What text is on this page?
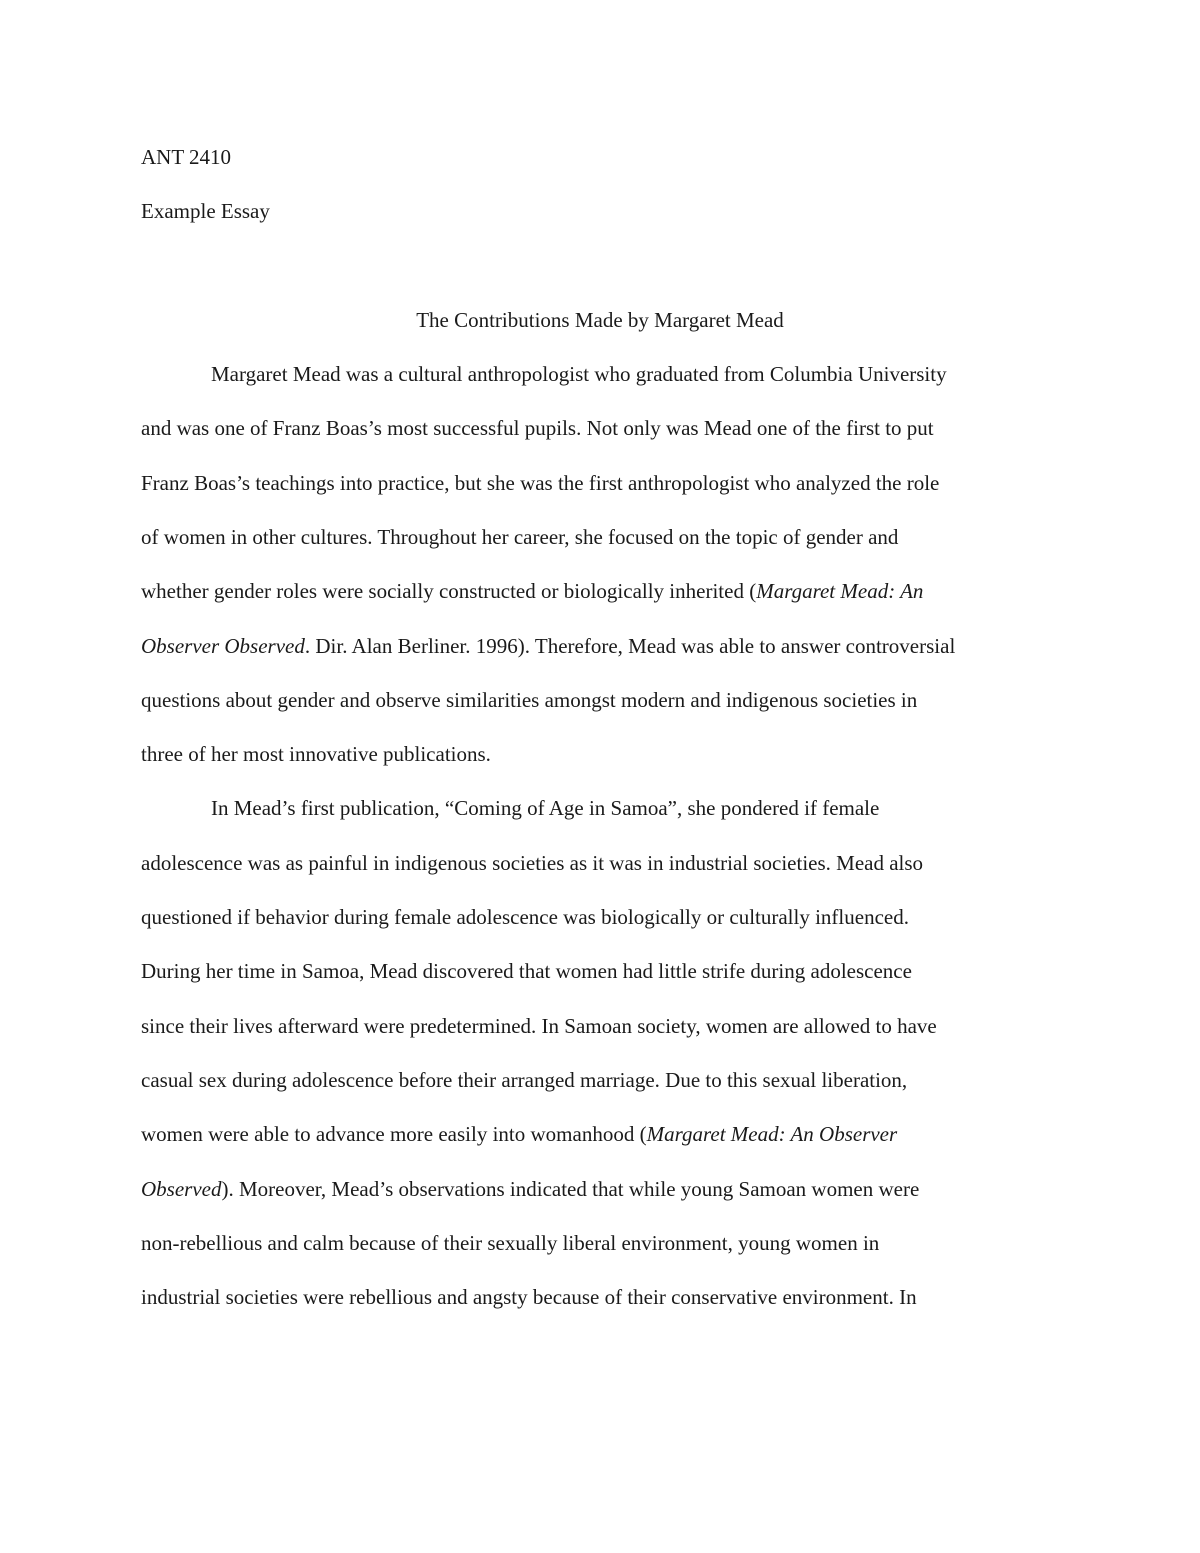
ANT 2410
Example Essay
The Contributions Made by Margaret Mead
Margaret Mead was a cultural anthropologist who graduated from Columbia University
and was one of Franz Boas’s most successful pupils. Not only was Mead one of the first to put
Franz Boas’s teachings into practice, but she was the first anthropologist who analyzed the role
of women in other cultures. Throughout her career, she focused on the topic of gender and
whether gender roles were socially constructed or biologically inherited (Margaret Mead: An
Observer Observed. Dir. Alan Berliner. 1996). Therefore, Mead was able to answer controversial
questions about gender and observe similarities amongst modern and indigenous societies in
three of her most innovative publications.
In Mead’s first publication, “Coming of Age in Samoa”, she pondered if female
adolescence was as painful in indigenous societies as it was in industrial societies. Mead also
questioned if behavior during female adolescence was biologically or culturally influenced.
During her time in Samoa, Mead discovered that women had little strife during adolescence
since their lives afterward were predetermined. In Samoan society, women are allowed to have
casual sex during adolescence before their arranged marriage. Due to this sexual liberation,
women were able to advance more easily into womanhood (Margaret Mead: An Observer
Observed). Moreover, Mead’s observations indicated that while young Samoan women were
non-rebellious and calm because of their sexually liberal environment, young women in
industrial societies were rebellious and angsty because of their conservative environment. In
